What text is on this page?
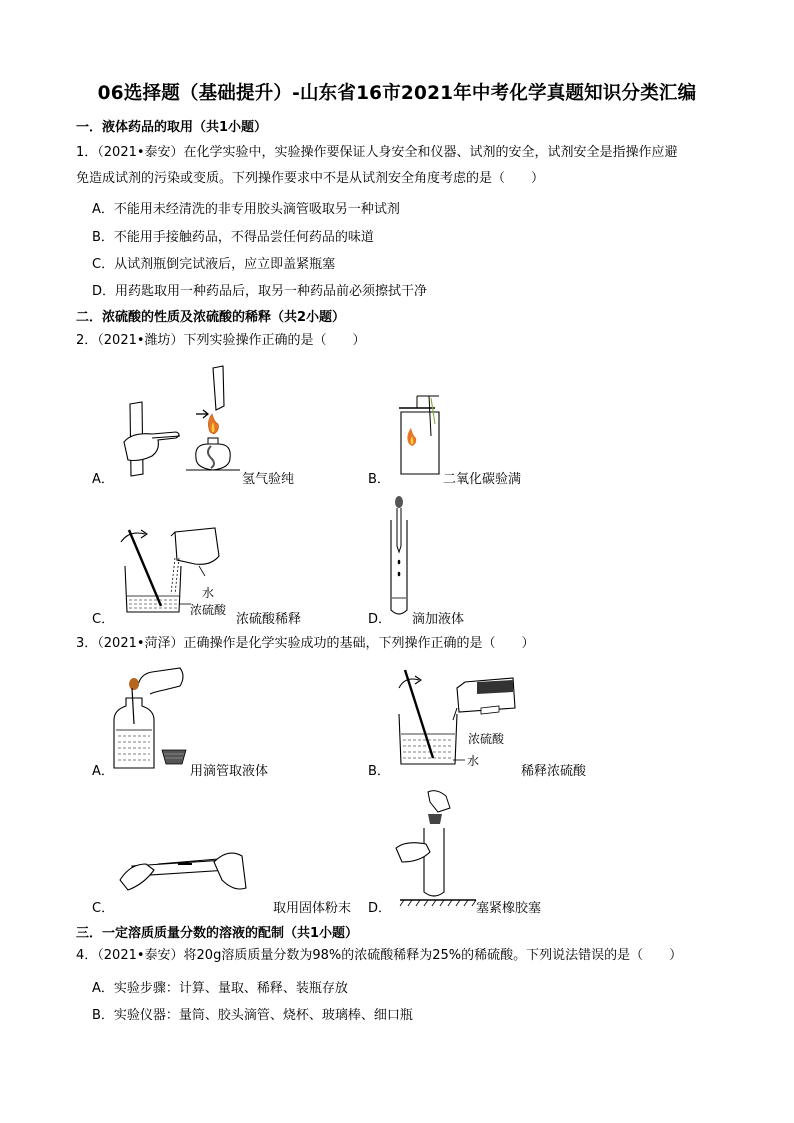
06选择题（基础提升）-山东省16市2021年中考化学真题知识分类汇编
一．液体药品的取用（共1小题）
1．（2021•泰安）在化学实验中，实验操作要保证人身安全和仪器、试剂的安全，试剂安全是指操作应避
免造成试剂的污染或变质。下列操作要求中不是从试剂安全角度考虑的是（　　）
A．不能用未经清洗的非专用胶头滴管吸取另一种试剂
B．不能用手接触药品，不得品尝任何药品的味道
C．从试剂瓶倒完试液后，应立即盖紧瓶塞
D．用药匙取用一种药品后，取另一种药品前必须擦拭干净
二．浓硫酸的性质及浓硫酸的稀释（共2小题）
2．（2021•潍坊）下列实验操作正确的是（　　）
A．	氢气验纯	B．	二氧化碳验满
C．
水
浓硫酸
浓硫酸稀释	D． 滴加液体
3．（2021•菏泽）正确操作是化学实验成功的基础，下列操作正确的是（　　）
A．	用滴管取液体	B．
浓硫酸
水
稀释浓硫酸
C．	取用固体粉末 D．	塞紧橡胶塞
三．一定溶质质量分数的溶液的配制（共1小题）
4．（2021•泰安）将20g溶质质量分数为98%的浓硫酸稀释为25%的稀硫酸。下列说法错误的是（　　）
A．实验步骤：计算、量取、稀释、装瓶存放
B．实验仪器：量筒、胶头滴管、烧杯、玻璃棒、细口瓶
